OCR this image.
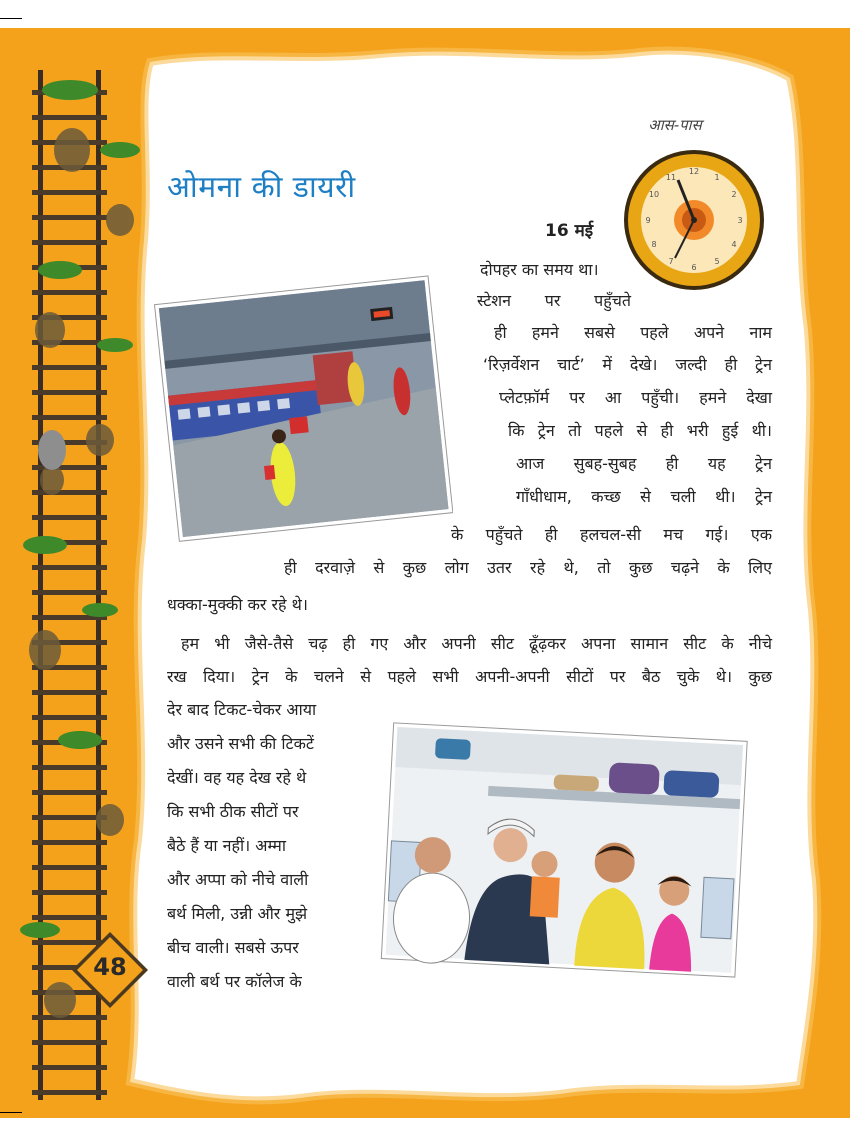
आस-पास
ओमना की डायरी	12
1
2
3
4
5
6
7
8
9
10
11
16 मई
दोपहर का समय था।
स्टेशन पर पहुँचते
ही हमने सबसे पहले अपने नाम
‘रिज़र्वेशन चार्ट’ में देखे। जल्दी ही ट्रेन
प्लेटफ़ॉर्म पर आ पहुँची। हमने देखा
कि ट्रेन तो पहले से ही भरी हुई थी।
आज सुबह-सुबह ही यह ट्रेन
गाँधीधाम, कच्छ से चली थी। ट्रेन
के पहुँचते ही हलचल-सी मच गई। एक
ही दरवाज़े से कुछ लोग उतर रहे थे, तो कुछ चढ़ने के लिए
धक्का-मुक्की कर रहे थे।
हम भी जैसे-तैसे चढ़ ही गए और अपनी सीट ढूँढ़कर अपना सामान सीट के नीचे
रख दिया। ट्रेन के चलने से पहले सभी अपनी-अपनी सीटों पर बैठ चुके थे। कुछ
देर बाद टिकट-चेकर आया
और उसने सभी की टिकटें
देखीं। वह यह देख रहे थे
कि सभी ठीक सीटों पर
बैठे हैं या नहीं। अम्मा
और अप्पा को नीचे वाली
बर्थ मिली, उन्नी और मुझे
बीच वाली। सबसे ऊपर
वाली बर्थ पर कॉलेज के
48
